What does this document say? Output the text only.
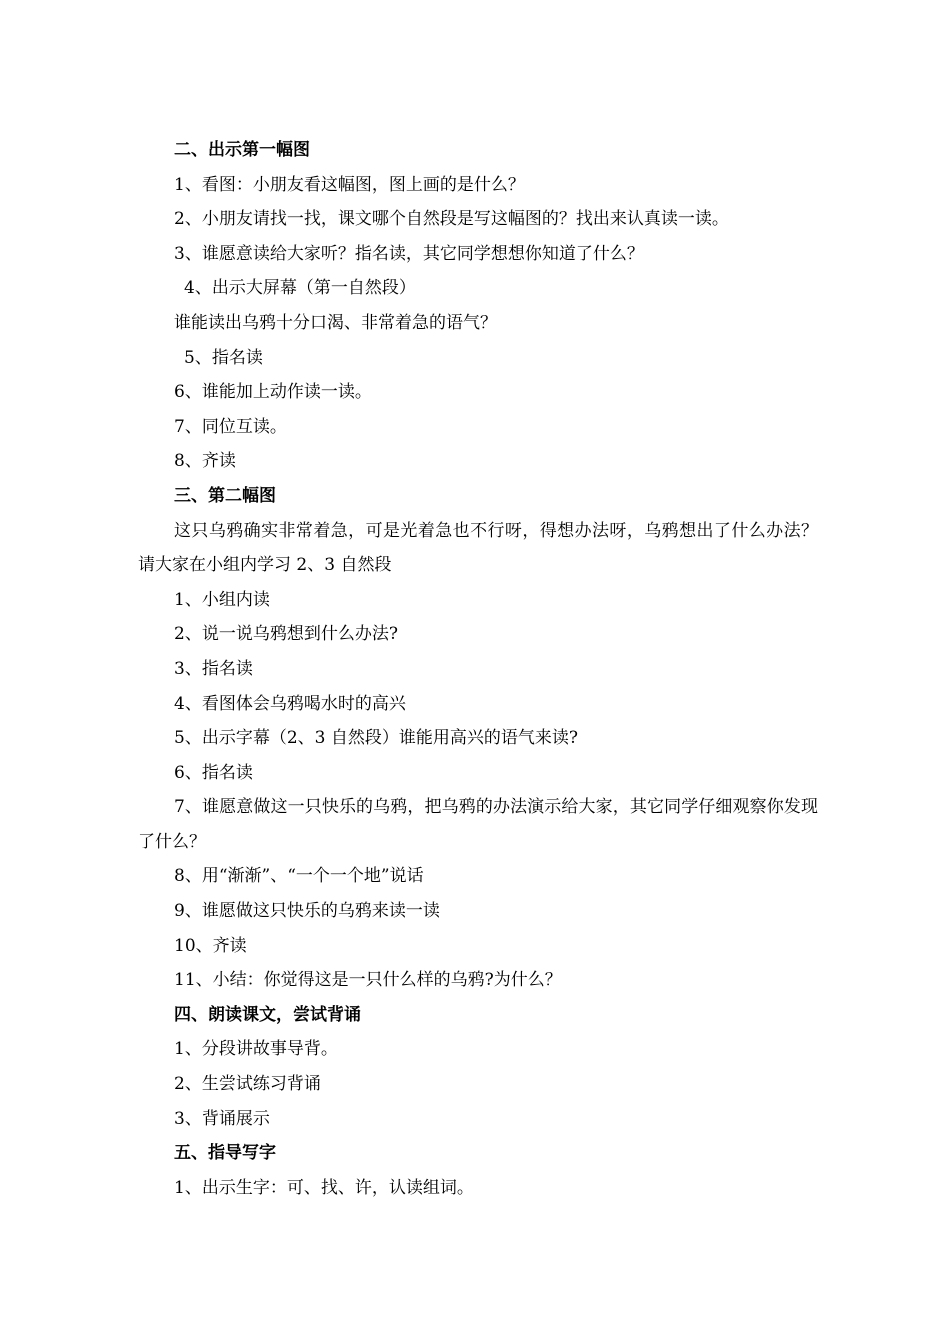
二、出示第一幅图
1、看图：小朋友看这幅图，图上画的是什么？
2、小朋友请找一找，课文哪个自然段是写这幅图的？找出来认真读一读。
3、谁愿意读给大家听？指名读，其它同学想想你知道了什么？
4、出示大屏幕（第一自然段）
谁能读出乌鸦十分口渴、非常着急的语气？
5、指名读
6、谁能加上动作读一读。
7、同位互读。
8、齐读
三、第二幅图
这只乌鸦确实非常着急，可是光着急也不行呀，得想办法呀，乌鸦想出了什么办法？请大家在小组内学习 2、3 自然段
1、小组内读
2、说一说乌鸦想到什么办法?
3、指名读
4、看图体会乌鸦喝水时的高兴
5、出示字幕（2、3 自然段）谁能用高兴的语气来读?
6、指名读
7、谁愿意做这一只快乐的乌鸦，把乌鸦的办法演示给大家，其它同学仔细观察你发现了什么？
8、用“渐渐”、“一个一个地”说话
9、谁愿做这只快乐的乌鸦来读一读
10、齐读
11、小结：你觉得这是一只什么样的乌鸦?为什么？
四、朗读课文，尝试背诵
1、分段讲故事导背。
2、生尝试练习背诵
3、背诵展示
五、指导写字
1、出示生字：可、找、许，认读组词。
